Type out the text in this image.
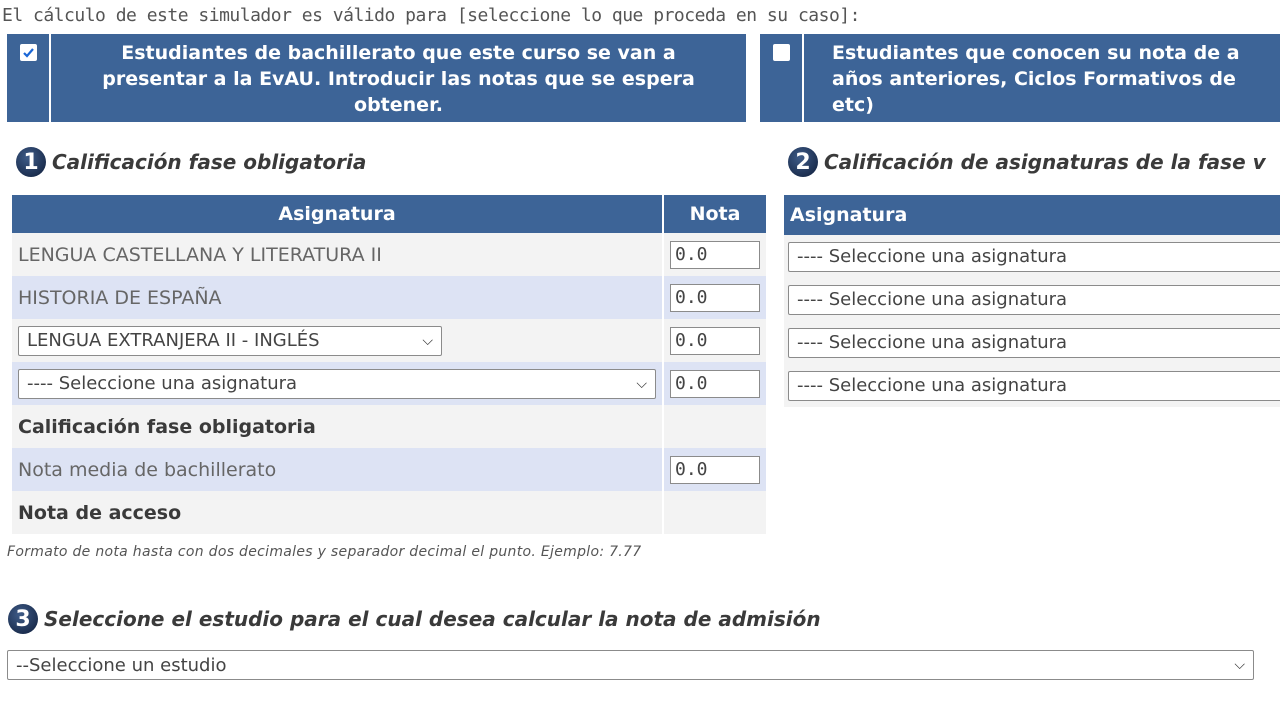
El cálculo de este simulador es válido para [seleccione lo que proceda en su caso]:
Estudiantes de bachillerato que este curso se van a
presentar a la EvAU. Introducir las notas que se espera
obtener.
Estudiantes que conocen su nota de a
años anteriores, Ciclos Formativos de
etc)
1 Calificación fase obligatoria
Asignatura	Nota
LENGUA CASTELLANA Y LITERATURA II	0.0

HISTORIA DE ESPAÑA	0.0

LENGUA EXTRANJERA II - INGLÉS ⌵	0.0

---- Seleccione una asignatura ⌵	0.0

Calificación fase obligatoria	
Nota media de bachillerato	0.0

Nota de acceso	
2 Calificación de asignaturas de la fase v
Asignatura

---- Seleccione una asignatura

---- Seleccione una asignatura

---- Seleccione una asignatura

---- Seleccione una asignatura
Formato de nota hasta con dos decimales y separador decimal el punto. Ejemplo: 7.77
3 Seleccione el estudio para el cual desea calcular la nota de admisión
--Seleccione un estudio	⌵
